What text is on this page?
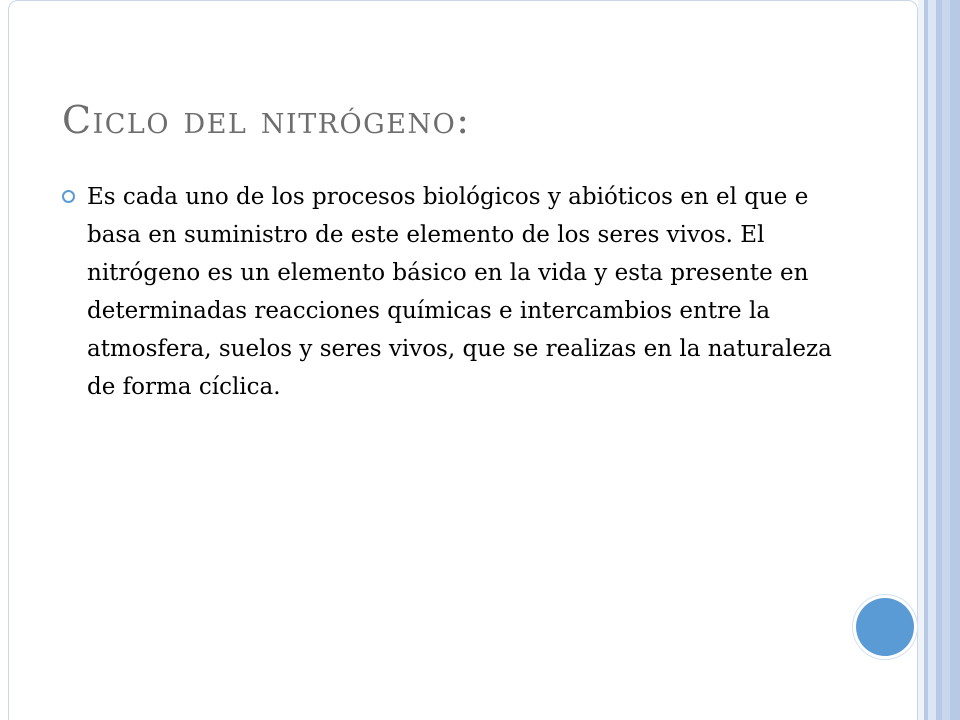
Ciclo del nitrógeno:

Es cada uno de los procesos biológicos y abióticos en el que e basa en suministro de este elemento de los seres vivos. El nitrógeno es un elemento básico en la vida y esta presente en determinadas reacciones químicas e intercambios entre la atmosfera, suelos y seres vivos, que se realizas en la naturaleza de forma cíclica.
